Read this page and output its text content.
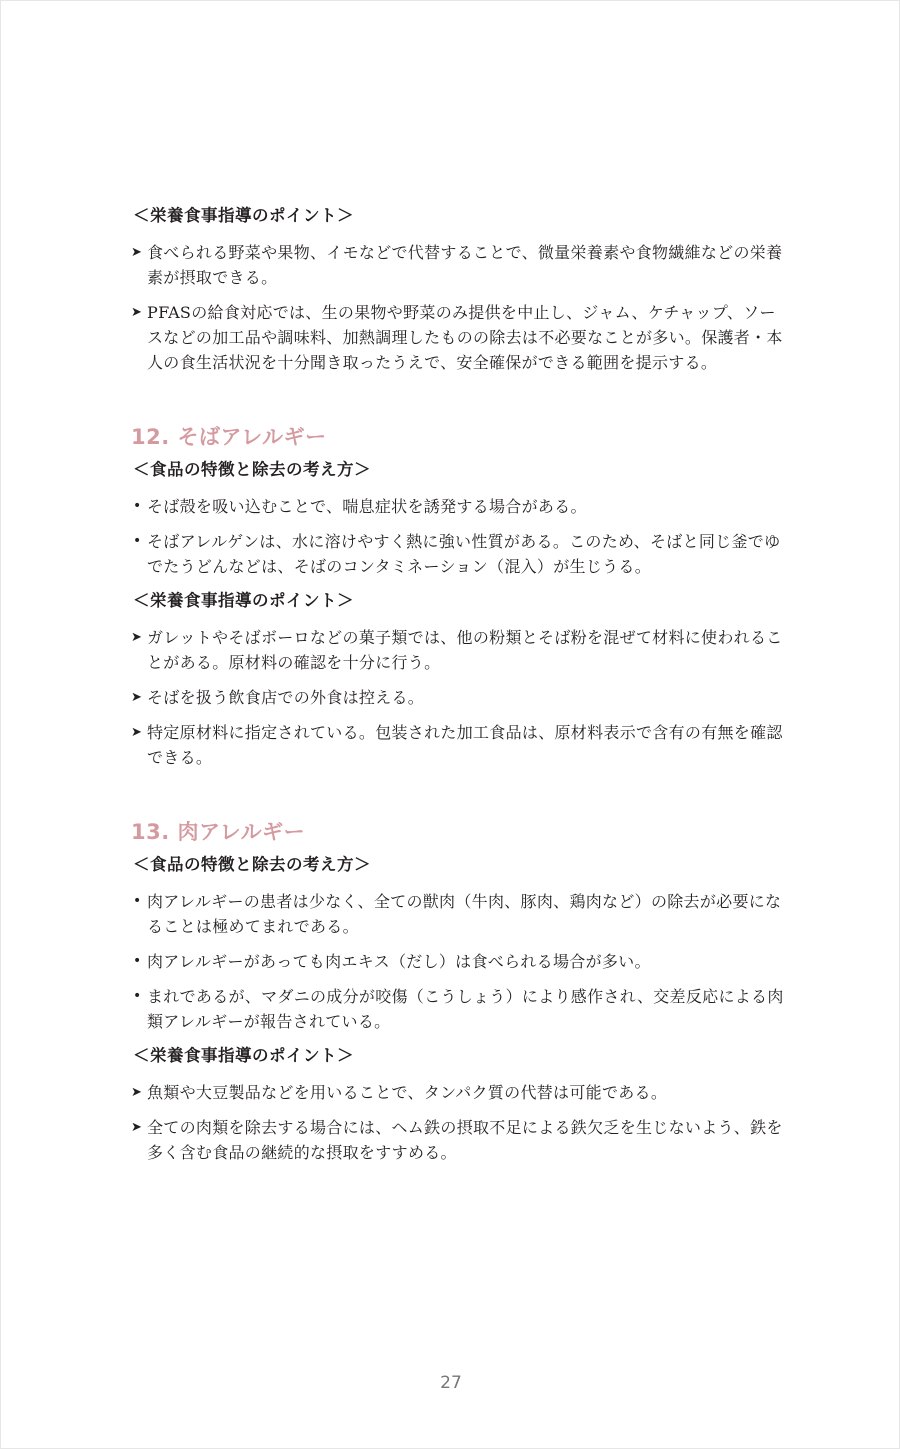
＜栄養食事指導のポイント＞

➤ 食べられる野菜や果物、イモなどで代替することで、微量栄養素や食物繊維などの栄養素が摂取できる。

➤ PFASの給食対応では、生の果物や野菜のみ提供を中止し、ジャム、ケチャップ、ソースなどの加工品や調味料、加熱調理したものの除去は不必要なことが多い。保護者・本人の食生活状況を十分聞き取ったうえで、安全確保ができる範囲を提示する。

12. そばアレルギー

＜食品の特徴と除去の考え方＞

• そば殻を吸い込むことで、喘息症状を誘発する場合がある。

• そばアレルゲンは、水に溶けやすく熱に強い性質がある。このため、そばと同じ釜でゆでたうどんなどは、そばのコンタミネーション（混入）が生じうる。

＜栄養食事指導のポイント＞

➤ ガレットやそばボーロなどの菓子類では、他の粉類とそば粉を混ぜて材料に使われることがある。原材料の確認を十分に行う。

➤ そばを扱う飲食店での外食は控える。

➤ 特定原材料に指定されている。包装された加工食品は、原材料表示で含有の有無を確認できる。

13. 肉アレルギー

＜食品の特徴と除去の考え方＞

• 肉アレルギーの患者は少なく、全ての獣肉（牛肉、豚肉、鶏肉など）の除去が必要になることは極めてまれである。

• 肉アレルギーがあっても肉エキス（だし）は食べられる場合が多い。

• まれであるが、マダニの成分が咬傷（こうしょう）により感作され、交差反応による肉類アレルギーが報告されている。

＜栄養食事指導のポイント＞

➤ 魚類や大豆製品などを用いることで、タンパク質の代替は可能である。

➤ 全ての肉類を除去する場合には、ヘム鉄の摂取不足による鉄欠乏を生じないよう、鉄を多く含む食品の継続的な摂取をすすめる。

27
